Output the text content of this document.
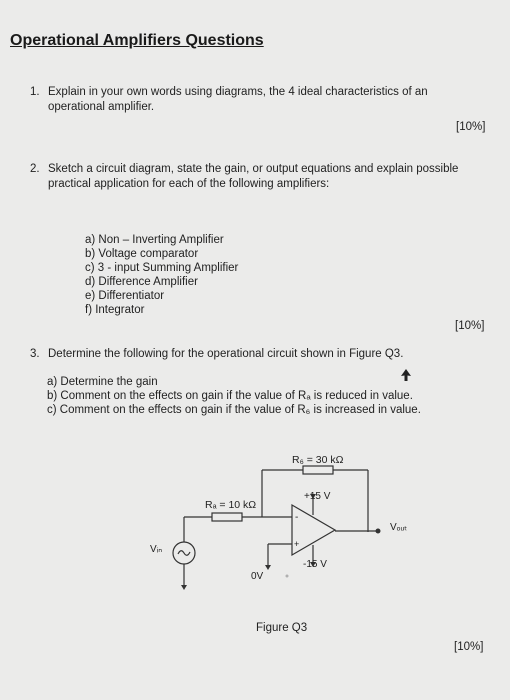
Operational Amplifiers Questions
1. Explain in your own words using diagrams, the 4 ideal characteristics of an
operational amplifier.
[10%]
2. Sketch a circuit diagram, state the gain, or output equations and explain possible
practical application for each of the following amplifiers:
a) Non – Inverting Amplifier
b) Voltage comparator
c) 3 - input Summing Amplifier
d) Difference Amplifier
e) Differentiator
f) Integrator
[10%]
3. Determine the following for the operational circuit shown in Figure Q3.
a) Determine the gain
b) Comment on the effects on gain if the value of Rₐ is reduced in value.
c) Comment on the effects on gain if the value of R₆ is increased in value.
R₆ = 30 kΩ
Rₐ = 10 kΩ
+15 V
-15 V
-
+
Vᵢₙ
Vₒᵤₜ
0V
Figure Q3
[10%]
